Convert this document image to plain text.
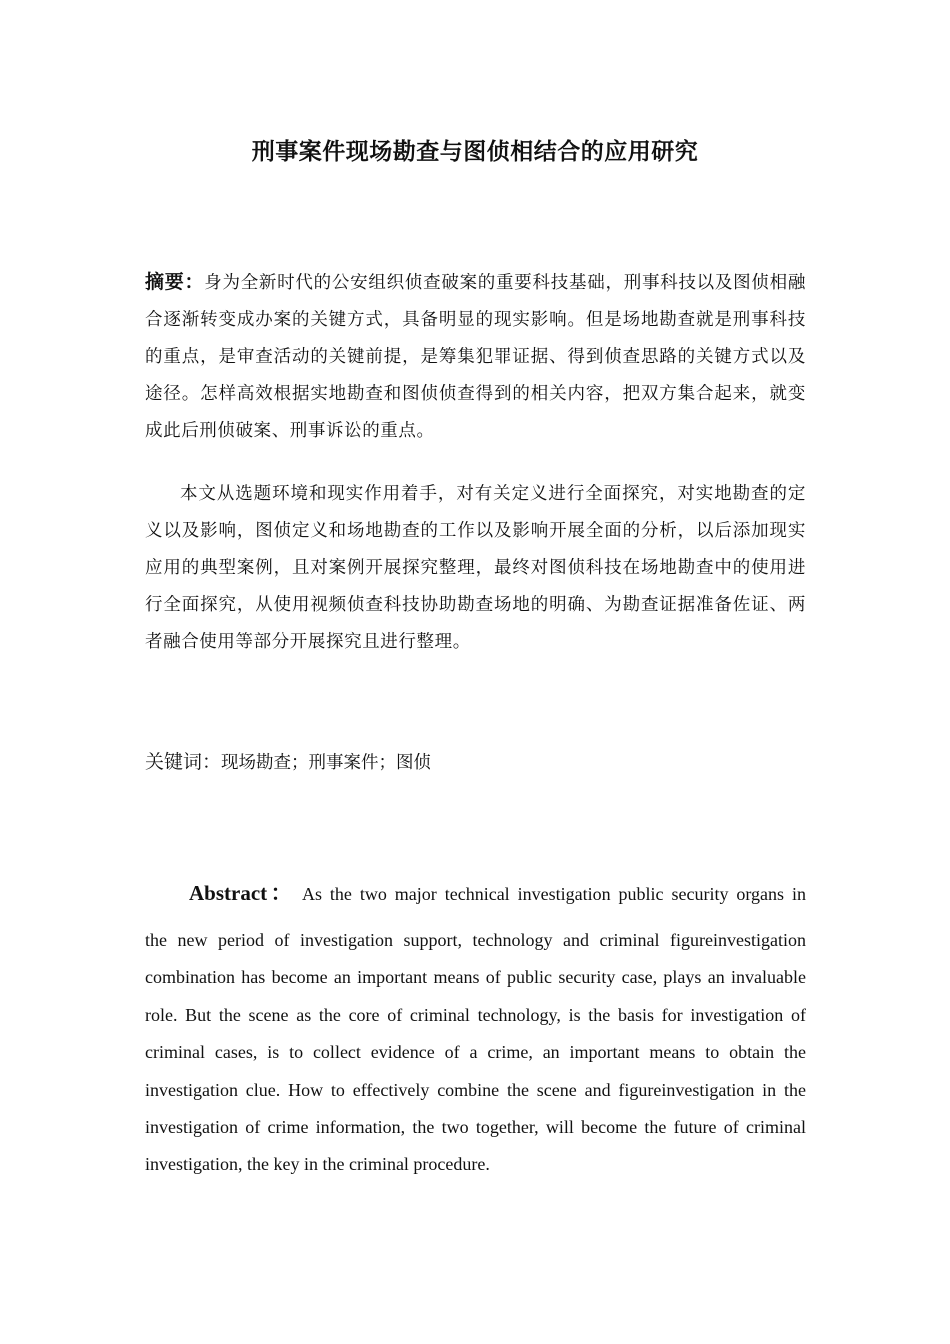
刑事案件现场勘查与图侦相结合的应用研究
摘要：身为全新时代的公安组织侦查破案的重要科技基础，刑事科技以及图侦相融合逐渐转变成办案的关键方式，具备明显的现实影响。但是场地勘查就是刑事科技的重点，是审查活动的关键前提，是筹集犯罪证据、得到侦查思路的关键方式以及途径。怎样高效根据实地勘查和图侦侦查得到的相关内容，把双方集合起来，就变成此后刑侦破案、刑事诉讼的重点。
本文从选题环境和现实作用着手，对有关定义进行全面探究，对实地勘查的定义以及影响，图侦定义和场地勘查的工作以及影响开展全面的分析，以后添加现实应用的典型案例，且对案例开展探究整理，最终对图侦科技在场地勘查中的使用进行全面探究，从使用视频侦查科技协助勘查场地的明确、为勘查证据准备佐证、两者融合使用等部分开展探究且进行整理。
关键词：现场勘查；刑事案件；图侦
Abstract： As the two major technical investigation public security organs in
the new period of investigation support, technology and criminal figureinvestigation combination has become an important means of public security case, plays an invaluable role. But the scene as the core of criminal technology, is the basis for investigation of criminal cases, is to collect evidence of a crime, an important means to obtain the investigation clue. How to effectively combine the scene and figureinvestigation in the investigation of crime information, the two together, will become the future of criminal investigation, the key in the criminal procedure.
